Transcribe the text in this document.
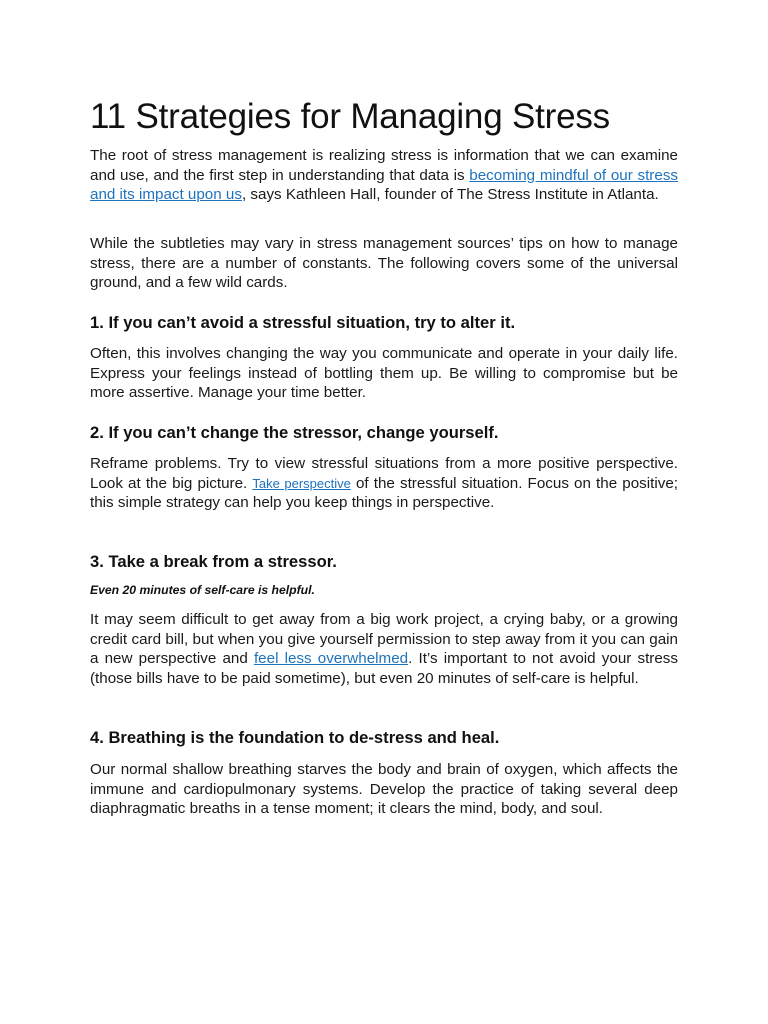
11 Strategies for Managing Stress

The root of stress management is realizing stress is information that we can examine and use, and the first step in understanding that data is becoming mindful of our stress and its impact upon us, says Kathleen Hall, founder of The Stress Institute in Atlanta.

While the subtleties may vary in stress management sources’ tips on how to manage stress, there are a number of constants. The following covers some of the universal ground, and a few wild cards.

1. If you can’t avoid a stressful situation, try to alter it.

Often, this involves changing the way you communicate and operate in your daily life. Express your feelings instead of bottling them up. Be willing to compromise but be more assertive. Manage your time better.

2. If you can’t change the stressor, change yourself.

Reframe problems. Try to view stressful situations from a more positive perspective. Look at the big picture. Take perspective of the stressful situation. Focus on the positive; this simple strategy can help you keep things in perspective.

3. Take a break from a stressor.

Even 20 minutes of self-care is helpful.

It may seem difficult to get away from a big work project, a crying baby, or a growing credit card bill, but when you give yourself permission to step away from it you can gain a new perspective and feel less overwhelmed. It’s important to not avoid your stress (those bills have to be paid sometime), but even 20 minutes of self-care is helpful.

4. Breathing is the foundation to de-stress and heal.

Our normal shallow breathing starves the body and brain of oxygen, which affects the immune and cardiopulmonary systems. Develop the practice of taking several deep diaphragmatic breaths in a tense moment; it clears the mind, body, and soul.
